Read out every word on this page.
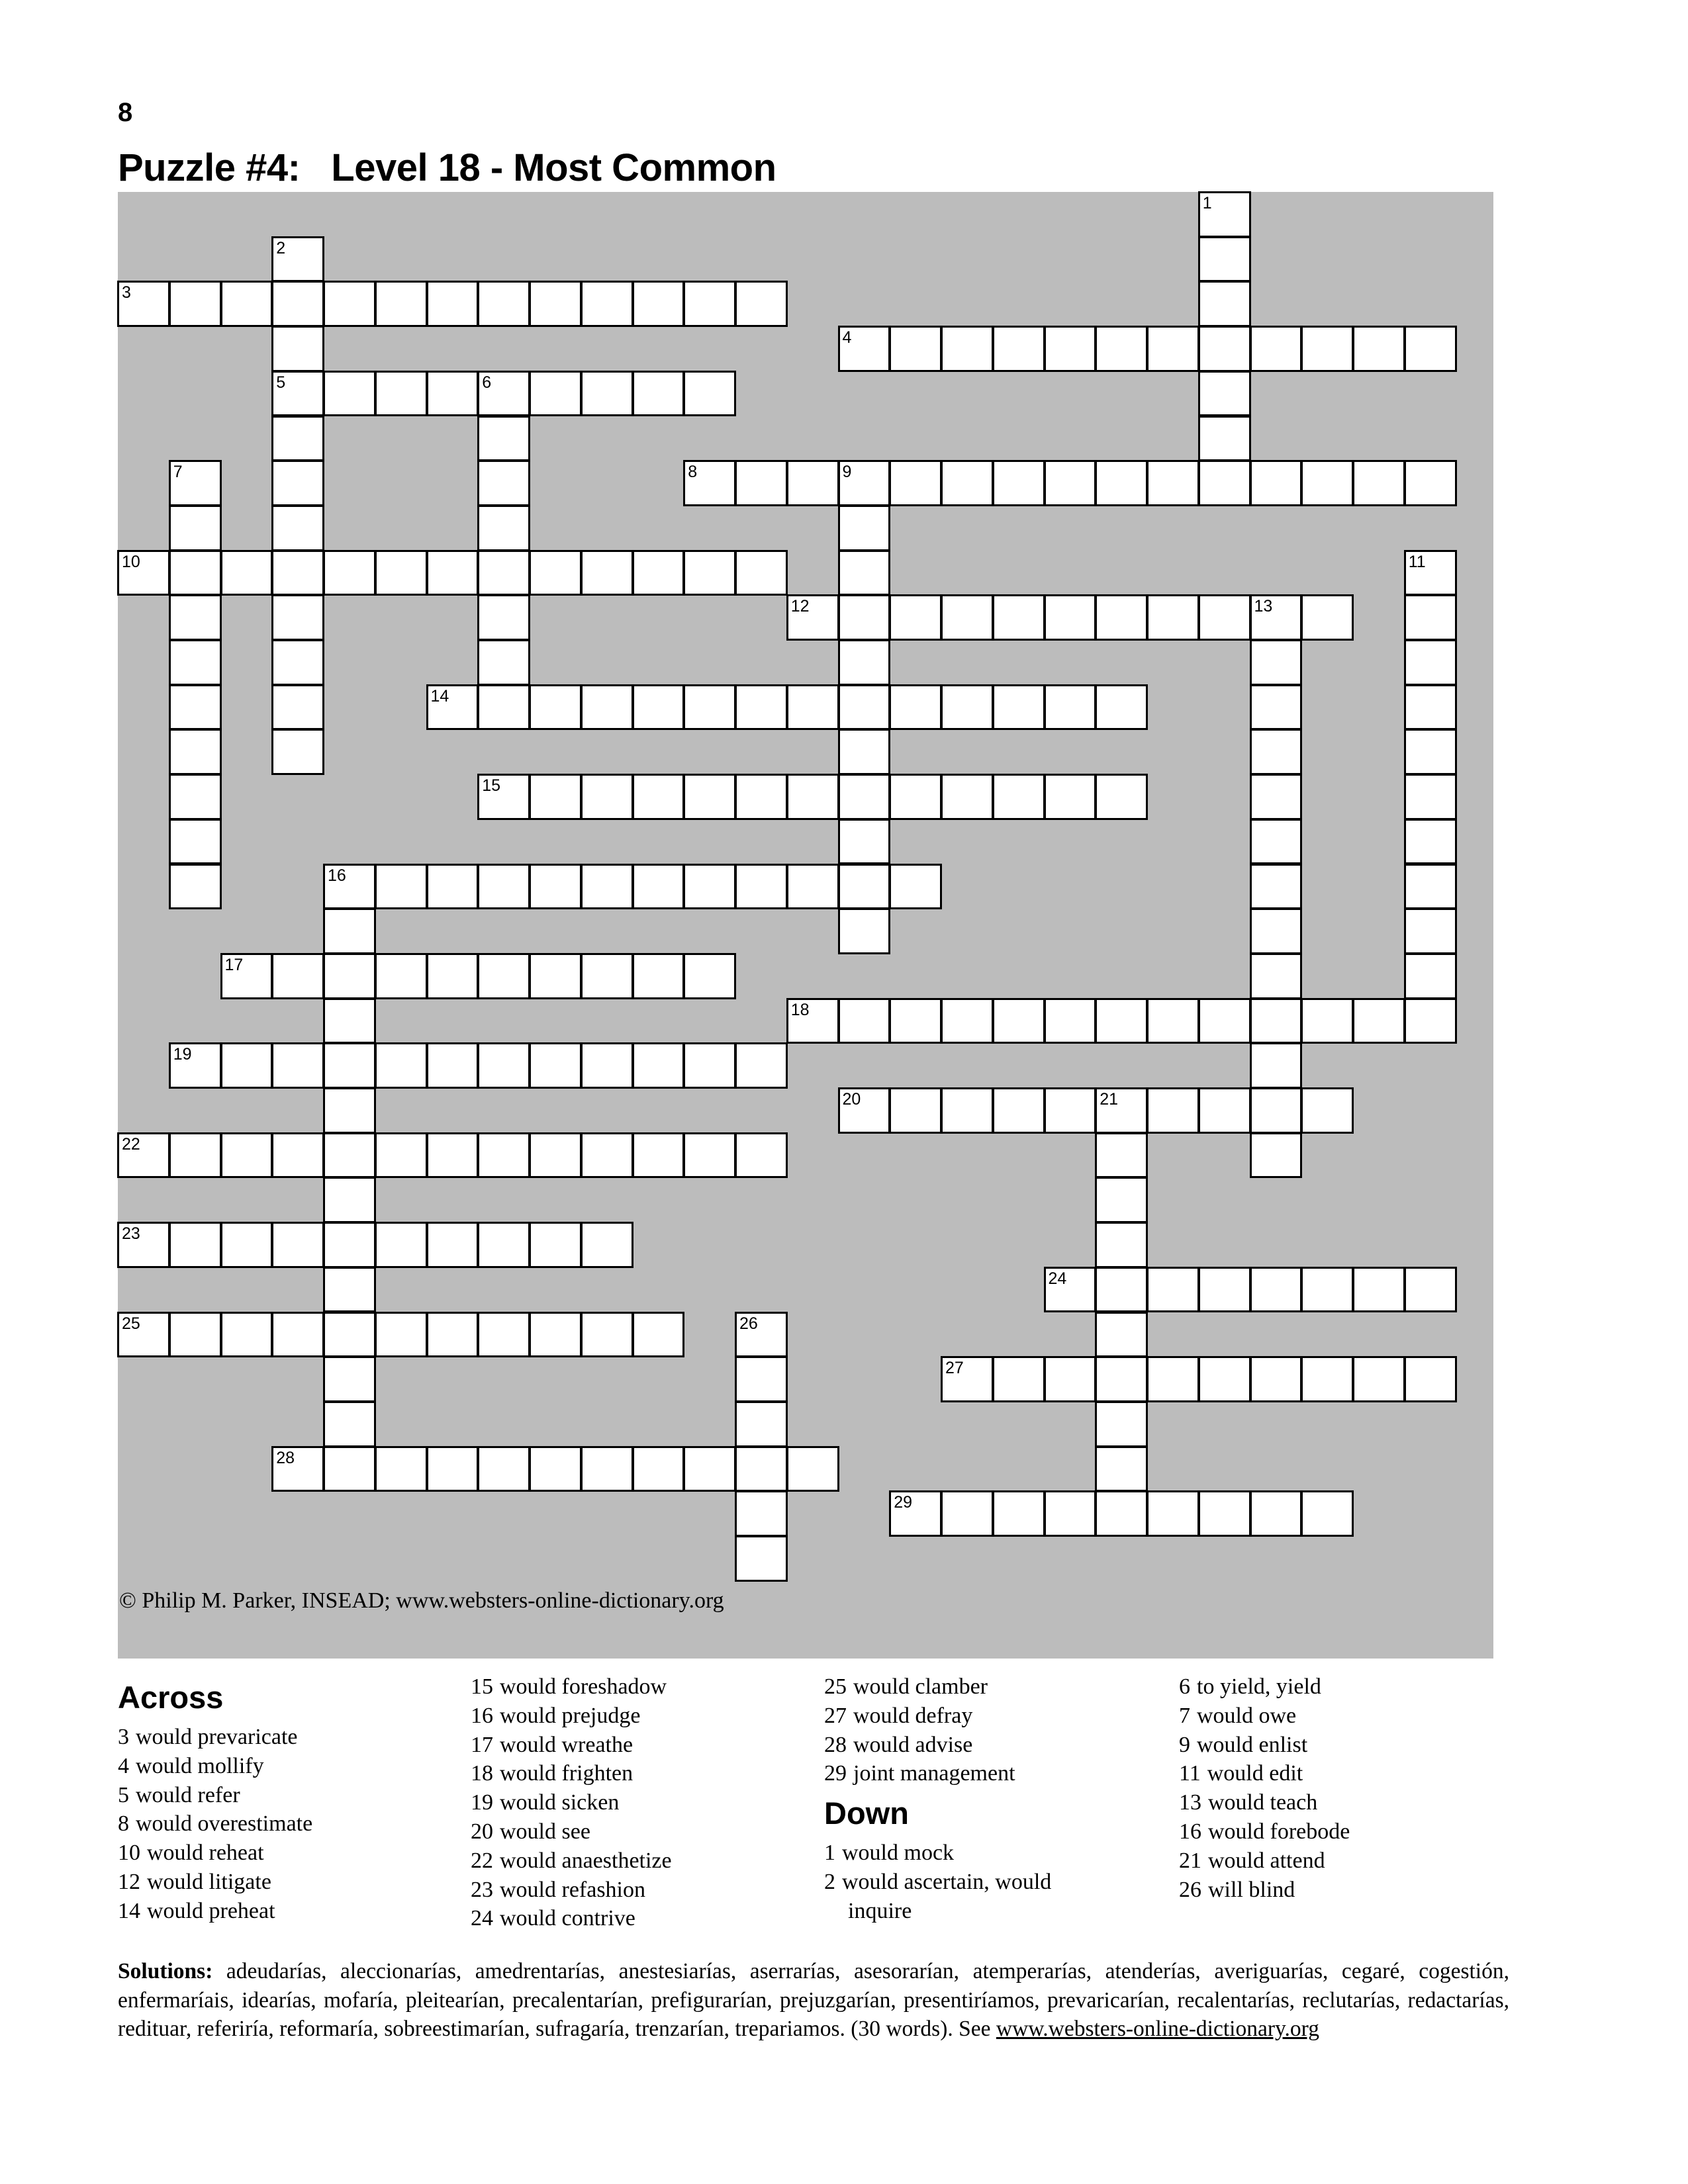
8
Puzzle #4:   Level 18 - Most Common
© Philip M. Parker, INSEAD; www.websters-online-dictionary.org
3
4
5	6
8	9
10
12	13
14
15
16
17
18
19
20	21
22
23
24
25
27
28
29
1
2
7
11
26
Across
3 would prevaricate
4 would mollify
5 would refer
8 would overestimate
10 would reheat
12 would litigate
14 would preheat
15 would foreshadow
16 would prejudge
17 would wreathe
18 would frighten
19 would sicken
20 would see
22 would anaesthetize
23 would refashion
24 would contrive
25 would clamber
27 would defray
28 would advise
29 joint management
Down
1 would mock
2 would ascertain, would
inquire
6 to yield, yield
7 would owe
9 would enlist
11 would edit
13 would teach
16 would forebode
21 would attend
26 will blind
Solutions: adeudarías, aleccionarías, amedrentarías, anestesiarías, aserrarías, asesorarían, atemperarías, atenderías, averiguarías, cegaré, cogestión, enfermaríais, idearías, mofaría, pleitearían, precalentarían, prefigurarían, prejuzgarían, presentiríamos, prevaricarían, recalentarías, reclutarías, redactarías, redituar, referiría, reformaría, sobreestimarían, sufragaría, trenzarían, trepariamos. (30 words). See www.websters-online-dictionary.org
